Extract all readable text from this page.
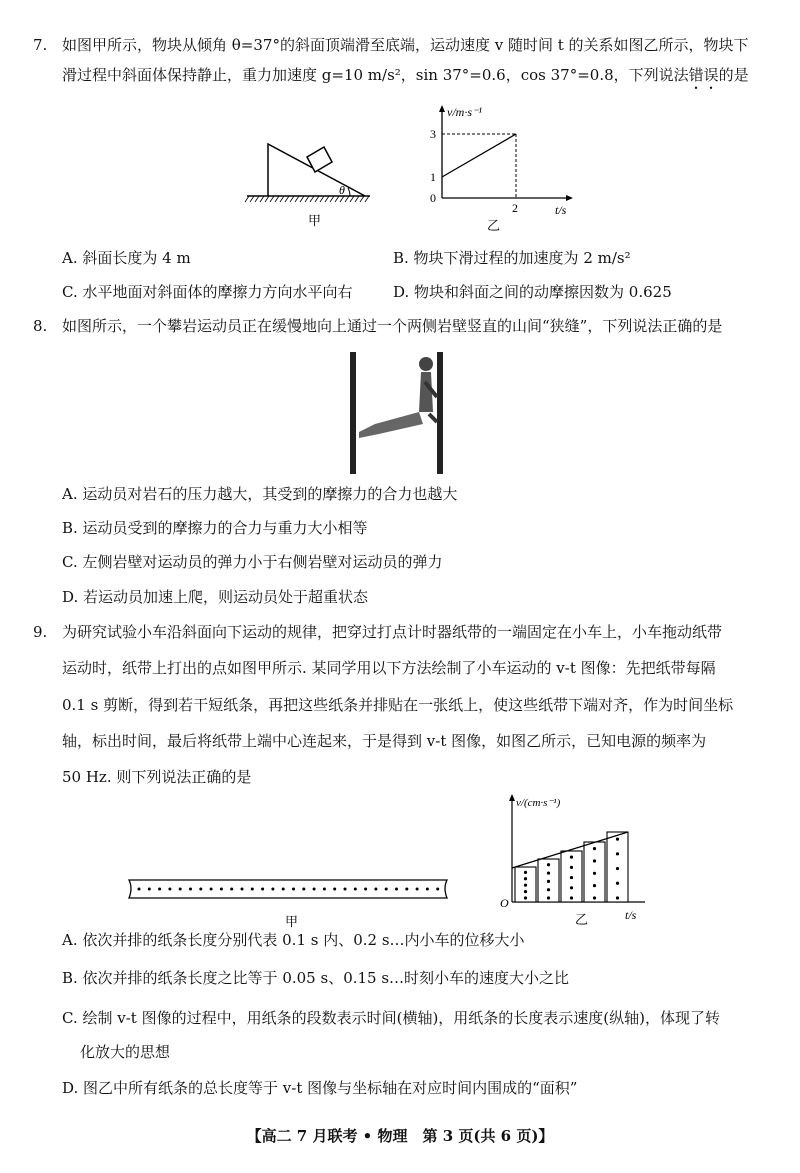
7. 如图甲所示，物块从倾角 θ=37°的斜面顶端滑至底端，运动速度 v 随时间 t 的关系如图乙所示，物块下
滑过程中斜面体保持静止，重力加速度 g=10 m/s²，sin 37°=0.6，cos 37°=0.8，下列说法错误的是
θ
甲
v/m·s⁻¹
0
1
3
2	t/s
乙
A. 斜面长度为 4 m	B. 物块下滑过程的加速度为 2 m/s²
C. 水平地面对斜面体的摩擦力方向水平向右	D. 物块和斜面之间的动摩擦因数为 0.625
8. 如图所示，一个攀岩运动员正在缓慢地向上通过一个两侧岩壁竖直的山间“狭缝”，下列说法正确的是
A. 运动员对岩石的压力越大，其受到的摩擦力的合力也越大
B. 运动员受到的摩擦力的合力与重力大小相等
C. 左侧岩壁对运动员的弹力小于右侧岩壁对运动员的弹力
D. 若运动员加速上爬，则运动员处于超重状态
9. 为研究试验小车沿斜面向下运动的规律，把穿过打点计时器纸带的一端固定在小车上，小车拖动纸带
运动时，纸带上打出的点如图甲所示. 某同学用以下方法绘制了小车运动的 v-t 图像：先把纸带每隔
0.1 s 剪断，得到若干短纸条，再把这些纸条并排贴在一张纸上，使这些纸带下端对齐，作为时间坐标
轴，标出时间，最后将纸带上端中心连起来，于是得到 v-t 图像，如图乙所示，已知电源的频率为
50 Hz. 则下列说法正确的是
甲
v/(cm·s⁻¹)
O
t/s
乙
A. 依次并排的纸条长度分别代表 0.1 s 内、0.2 s…内小车的位移大小
B. 依次并排的纸条长度之比等于 0.05 s、0.15 s…时刻小车的速度大小之比
C. 绘制 v-t 图像的过程中，用纸条的段数表示时间(横轴)，用纸条的长度表示速度(纵轴)，体现了转
化放大的思想
D. 图乙中所有纸条的总长度等于 v-t 图像与坐标轴在对应时间内围成的“面积”
【高二 7 月联考 • 物理　第 3 页(共 6 页)】
